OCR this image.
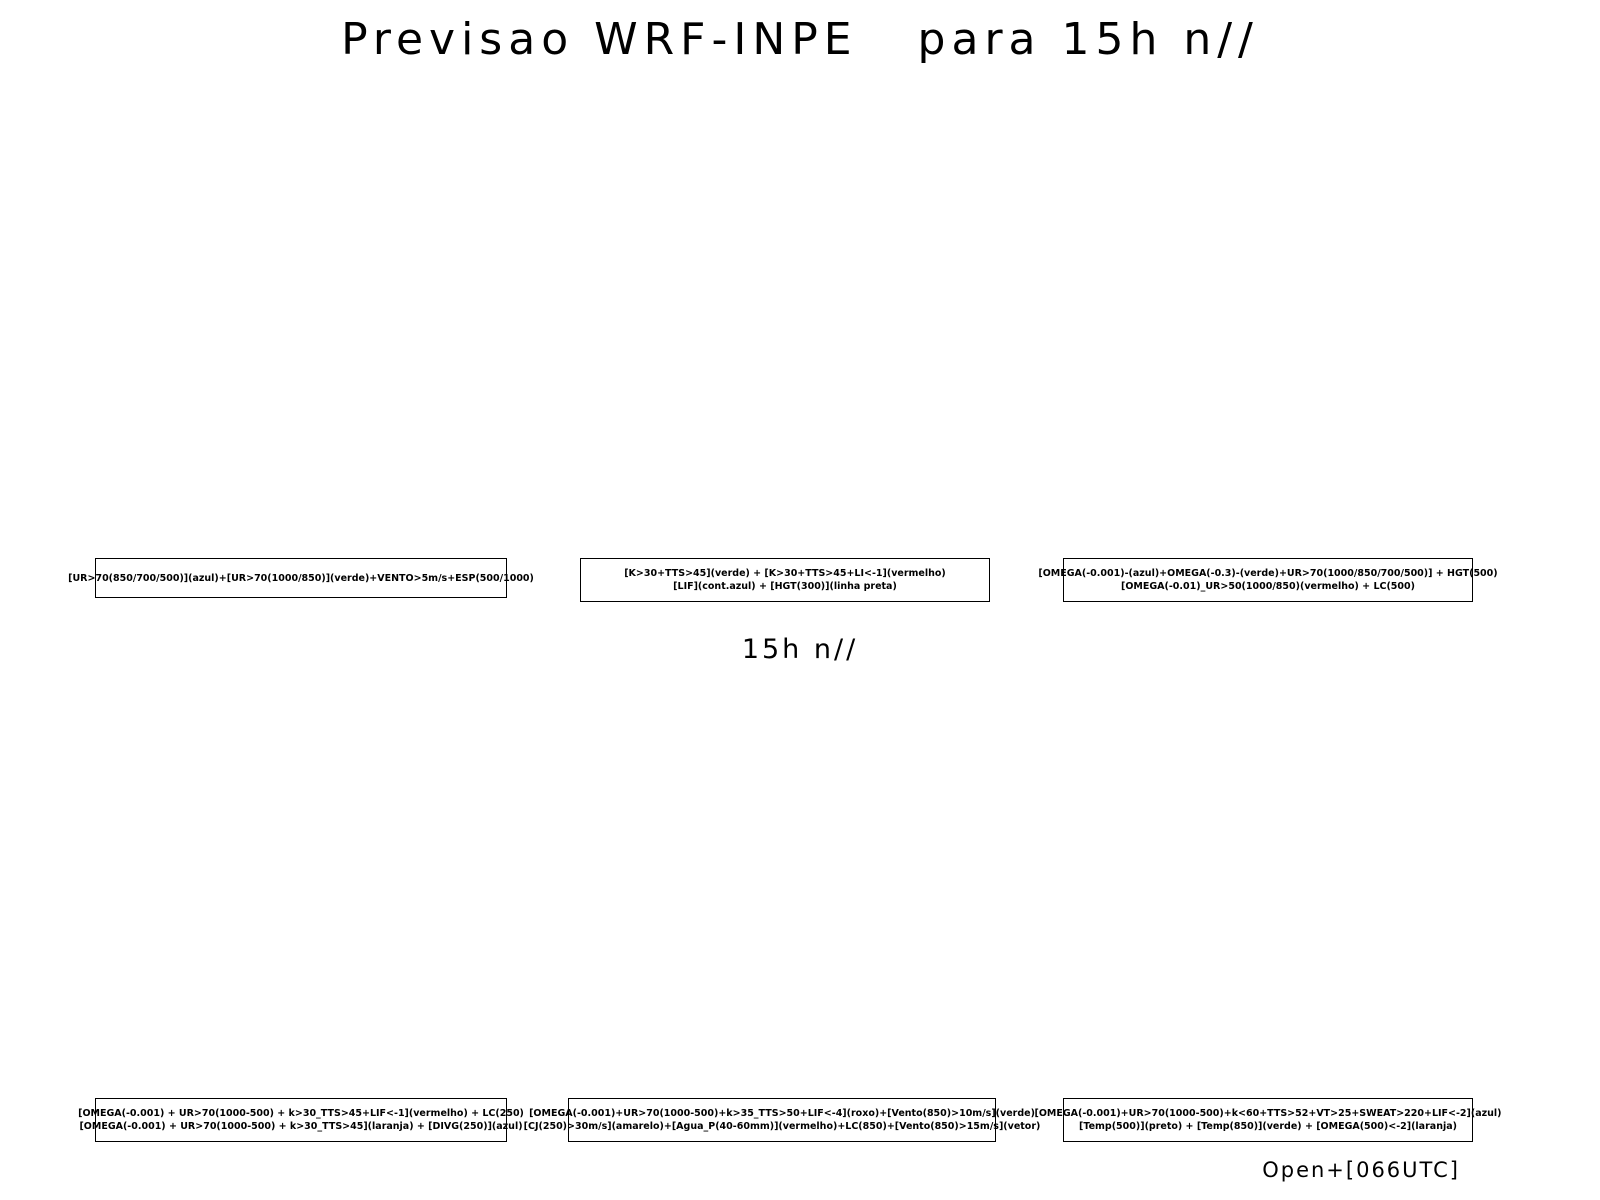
Previsao WRF-INPE   para 15h n//
[UR>70(850/700/500)](azul)+[UR>70(1000/850)](verde)+VENTO>5m/s+ESP(500/1000)	[K>30+TTS>45](verde) + [K>30+TTS>45+LI<-1](vermelho)
[LIF](cont.azul) + [HGT(300)](linha preta)
[OMEGA(-0.001)-(azul)+OMEGA(-0.3)-(verde)+UR>70(1000/850/700/500)] + HGT(500)
[OMEGA(-0.01)_UR>50(1000/850)(vermelho) + LC(500)
15h n//
[OMEGA(-0.001) + UR>70(1000-500) + k>30_TTS>45+LIF<-1](vermelho) + LC(250)
[OMEGA(-0.001) + UR>70(1000-500) + k>30_TTS>45](laranja) + [DIVG(250)](azul)
[OMEGA(-0.001)+UR>70(1000-500)+k>35_TTS>50+LIF<-4](roxo)+[Vento(850)>10m/s](verde)
[CJ(250)>30m/s](amarelo)+[Agua_P(40-60mm)](vermelho)+LC(850)+[Vento(850)>15m/s](vetor)
[OMEGA(-0.001)+UR>70(1000-500)+k<60+TTS>52+VT>25+SWEAT>220+LIF<-2](azul)
[Temp(500)](preto) + [Temp(850)](verde) + [OMEGA(500)<-2](laranja)
Open+[066UTC]
